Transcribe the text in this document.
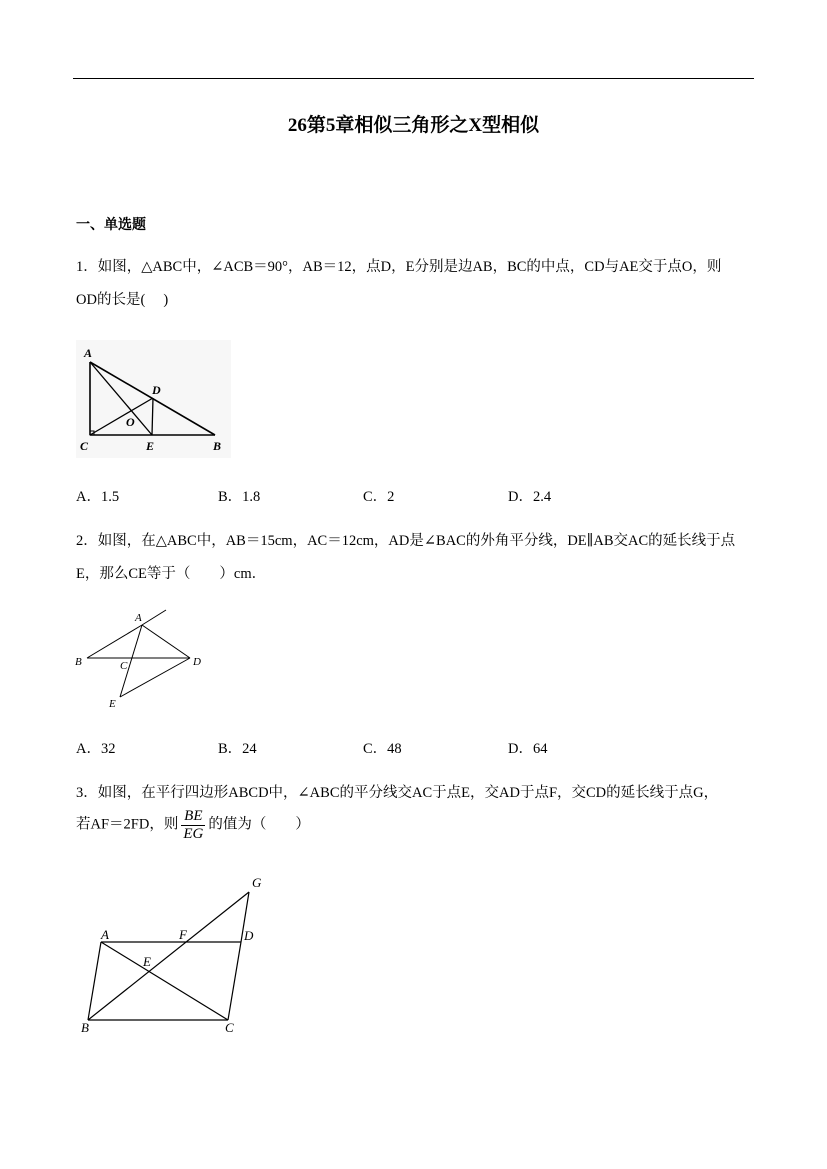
26第5章相似三角形之X型相似
一、单选题
1．如图，△ABC中，∠ACB＝90°，AB＝12，点D，E分别是边AB，BC的中点，CD与AE交于点O，则
OD的长是(　 )
A
D
O
C	E	B
A．1.5	B．1.8	C．2	D．2.4
2．如图，在△ABC中，AB＝15cm，AC＝12cm，AD是∠BAC的外角平分线，DE∥AB交AC的延长线于点
E，那么CE等于（　　）cm．
A
B	C	D
E
A．32	B．24	C．48	D．64
3．如图，在平行四边形ABCD中，∠ABC的平分线交AC于点E，交AD于点F，交CD的延长线于点G，
若AF＝2FD，则 $\frac{BE}{EG}$ 的值为（　　）
G
A	F	D
E
B	C
